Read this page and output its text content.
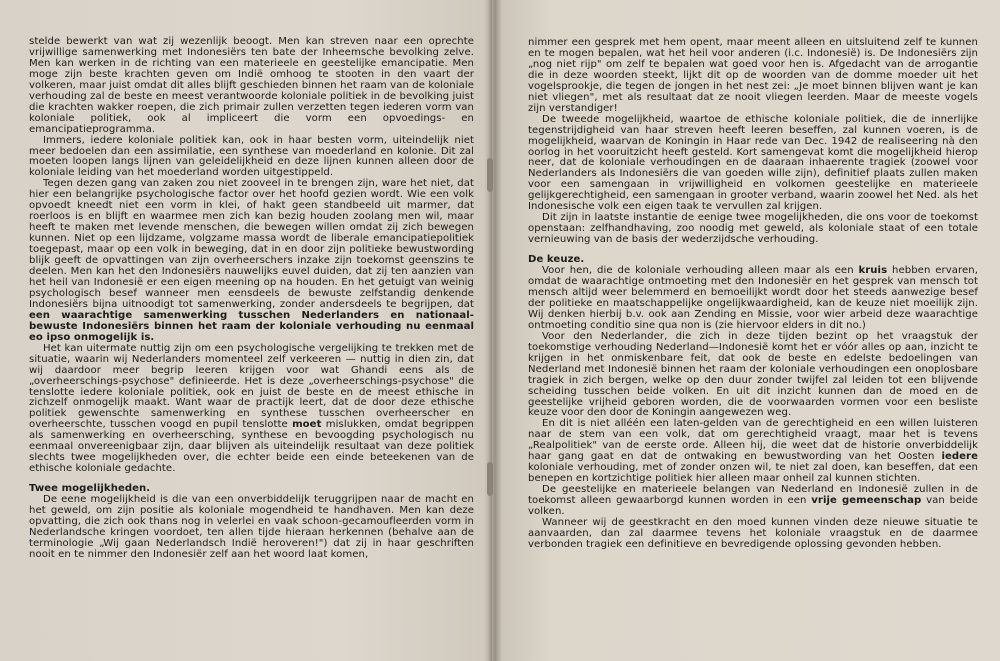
stelde bewerkt van wat zij wezenlijk beoogt. Men kan streven naar een oprechte vrijwillige samenwerking met Indonesiërs ten bate der Inheemsche bevolking zelve. Men kan werken in de richting van een materieele en geestelijke emancipatie. Men moge zijn beste krachten geven om Indië omhoog te stooten in den vaart der volkeren, maar juist omdat dit alles blijft geschieden binnen het raam van de koloniale verhouding zal de beste en meest verantwoorde koloniale politiek in de bevolking juist die krachten wakker roepen, die zich primair zullen verzetten tegen iederen vorm van koloniale politiek, ook al impliceert die vorm een opvoedings- en emancipatieprogramma.

Immers, iedere koloniale politiek kan, ook in haar besten vorm, uiteindelijk niet meer bedoelen dan een assimilatie, een synthese van moederland en kolonie. Dit zal moeten loopen langs lijnen van geleidelijkheid en deze lijnen kunnen alleen door de koloniale leiding van het moederland worden uitgestippeld.

Tegen dezen gang van zaken zou niet zooveel in te brengen zijn, ware het niet, dat hier een belangrijke psychologische factor over het hoofd gezien wordt. Wie een volk opvoedt kneedt niet een vorm in klei, of hakt geen standbeeld uit marmer, dat roerloos is en blijft en waarmee men zich kan bezig houden zoolang men wil, maar heeft te maken met levende menschen, die bewegen willen omdat zij zich bewegen kunnen. Niet op een lijdzame, volgzame massa wordt de liberale emancipatiepolitiek toegepast, maar op een volk in beweging, dat in en door zijn politieke bewustwording blijk geeft de opvattingen van zijn overheerschers inzake zijn toekomst geenszins te deelen. Men kan het den Indonesiërs nauwelijks euvel duiden, dat zij ten aanzien van het heil van Indonesië er een eigen meening op na houden. En het getuigt van weinig psychologisch besef wanneer men eensdeels de bewuste zelfstandig denkende Indonesiërs bijna uitnoodigt tot samenwerking, zonder andersdeels te begrijpen, dat een waarachtige samenwerking tusschen Nederlanders en nationaal-bewuste Indonesiërs binnen het raam der koloniale verhouding nu eenmaal eo ipso onmogelijk is.

Het kan uitermate nuttig zijn om een psychologische vergelijking te trekken met de situatie, waarin wij Nederlanders momenteel zelf verkeeren — nuttig in dien zin, dat wij daardoor meer begrip leeren krijgen voor wat Ghandi eens als de „overheerschings-psychose" definieerde. Het is deze „overheerschings-psychose" die tenslotte iedere koloniale politiek, ook en juist de beste en de meest ethische in zichzelf onmogelijk maakt. Want waar de practijk leert, dat de door deze ethische politiek gewenschte samenwerking en synthese tusschen overheerscher en overheerschte, tusschen voogd en pupil tenslotte moet mislukken, omdat begrippen als samenwerking en overheersching, synthese en bevoogding psychologisch nu eenmaal onvereenigbaar zijn, daar blijven als uiteindelijk resultaat van deze politiek slechts twee mogelijkheden over, die echter beide een einde beteekenen van de ethische koloniale gedachte.

Twee mogelijkheden.

De eene mogelijkheid is die van een onverbiddelijk teruggrijpen naar de macht en het geweld, om zijn positie als koloniale mogendheid te handhaven. Men kan deze opvatting, die zich ook thans nog in velerlei en vaak schoon-gecamoufleerden vorm in Nederlandsche kringen voordoet, ten allen tijde hieraan herkennen (behalve aan de terminologie „Wij gaan Nederlandsch Indië heroveren!") dat zij in haar geschriften nooit en te nimmer den Indonesiër zelf aan het woord laat komen,

nimmer een gesprek met hem opent, maar meent alleen en uitsluitend zelf te kunnen en te mogen bepalen, wat het heil voor anderen (i.c. Indonesië) is. De Indonesiërs zijn „nog niet rijp" om zelf te bepalen wat goed voor hen is. Afgedacht van de arrogantie die in deze woorden steekt, lijkt dit op de woorden van de domme moeder uit het vogelsprookje, die tegen de jongen in het nest zei: „Je moet binnen blijven want je kan niet vliegen", met als resultaat dat ze nooit vliegen leerden. Maar de meeste vogels zijn verstandiger!

De tweede mogelijkheid, waartoe de ethische koloniale politiek, die de innerlijke tegenstrijdigheid van haar streven heeft leeren beseffen, zal kunnen voeren, is de mogelijkheid, waarvan de Koningin in Haar rede van Dec. 1942 de realiseering nà den oorlog in het vooruitzicht heeft gesteld. Kort samengevat komt die mogelijkheid hierop neer, dat de koloniale verhoudingen en de daaraan inhaerente tragiek (zoowel voor Nederlanders als Indonesiërs die van goeden wille zijn), definitief plaats zullen maken voor een samengaan in vrijwilligheid en volkomen geestelijke en materieele gelijkgerechtigheid, een samengaan in grooter verband, waarin zoowel het Ned. als het Indonesische volk een eigen taak te vervullen zal krijgen.

Dit zijn in laatste instantie de eenige twee mogelijkheden, die ons voor de toekomst openstaan: zelfhandhaving, zoo noodig met geweld, als koloniale staat of een totale vernieuwing van de basis der wederzijdsche verhouding.

De keuze.

Voor hen, die de koloniale verhouding alleen maar als een kruis hebben ervaren, omdat de waarachtige ontmoeting met den Indonesiër en het gesprek van mensch tot mensch altijd weer belemmerd en bemoeilijkt wordt door het steeds aanwezige besef der politieke en maatschappelijke ongelijkwaardigheid, kan de keuze niet moeilijk zijn. Wij denken hierbij b.v. ook aan Zending en Missie, voor wier arbeid deze waarachtige ontmoeting conditio sine qua non is (zie hiervoor elders in dit no.)

Voor den Nederlander, die zich in deze tijden bezint op het vraagstuk der toekomstige verhouding Nederland—Indonesië komt het er vóór alles op aan, inzicht te krijgen in het onmiskenbare feit, dat ook de beste en edelste bedoelingen van Nederland met Indonesië binnen het raam der koloniale verhoudingen een onoplosbare tragiek in zich bergen, welke op den duur zonder twijfel zal leiden tot een blijvende scheiding tusschen beide volken. En uit dit inzicht kunnen dan de moed en de geestelijke vrijheid geboren worden, die de voorwaarden vormen voor een besliste keuze voor den door de Koningin aangewezen weg.

En dit is niet alléén een laten-gelden van de gerechtigheid en een willen luisteren naar de stem van een volk, dat om gerechtigheid vraagt, maar het is tevens „Realpolitiek" van de eerste orde. Alleen hij, die weet dat de historie onverbiddelijk haar gang gaat en dat de ontwaking en bewustwording van het Oosten iedere koloniale verhouding, met of zonder onzen wil, te niet zal doen, kan beseffen, dat een benepen en kortzichtige politiek hier alleen maar onheil zal kunnen stichten.

De geestelijke en materieele belangen van Nederland en Indonesië zullen in de toekomst alleen gewaarborgd kunnen worden in een vrije gemeenschap van beide volken.

Wanneer wij de geestkracht en den moed kunnen vinden deze nieuwe situatie te aanvaarden, dan zal daarmee tevens het koloniale vraagstuk en de daarmee verbonden tragiek een definitieve en bevredigende oplossing gevonden hebben.
